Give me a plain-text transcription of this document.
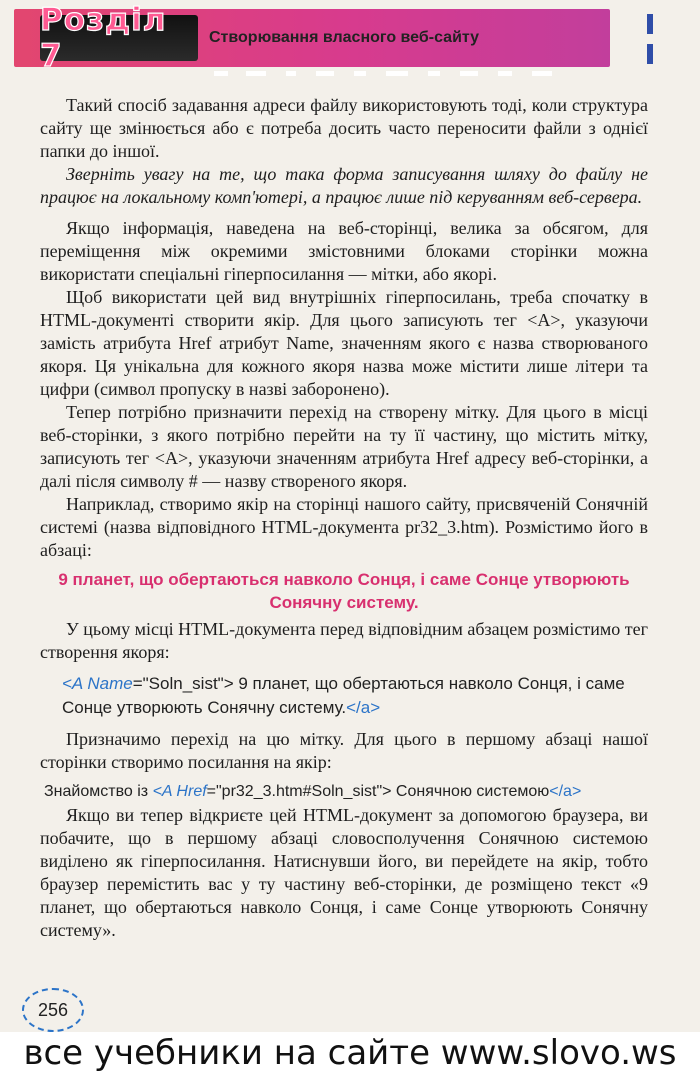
Розділ 7
Створювання власного веб-сайту

Такий спосіб задавання адреси файлу використовують тоді, коли структура сайту ще змінюється або є потреба досить часто переносити файли з однієї папки до іншої.

Зверніть увагу на те, що така форма записування шляху до файлу не працює на локальному комп'ютері, а працює лише під керуванням веб-сервера.

Якщо інформація, наведена на веб-сторінці, велика за обсягом, для переміщення між окремими змістовними блоками сторінки можна використати спеціальні гіперпосилання — мітки, або якорі.

Щоб використати цей вид внутрішніх гіперпосилань, треба спочатку в HTML-документі створити якір. Для цього записують тег <A>, указуючи замість атрибута Href атрибут Name, значенням якого є назва створюваного якоря. Ця унікальна для кожного якоря назва може містити лише літери та цифри (символ пропуску в назві заборонено).

Тепер потрібно призначити перехід на створену мітку. Для цього в місці веб-сторінки, з якого потрібно перейти на ту її частину, що містить мітку, записують тег <A>, указуючи значенням атрибута Href адресу веб-сторінки, а далі після символу # — назву створеного якоря.

Наприклад, створимо якір на сторінці нашого сайту, присвяченій Сонячній системі (назва відповідного HTML-документа pr32_3.htm). Розмістимо його в абзаці:

9 планет, що обертаються навколо Сонця, і саме Сонце утворюють Сонячну систему.

У цьому місці HTML-документа перед відповідним абзацем розмістимо тег створення якоря:

<A Name="Soln_sist"> 9 планет, що обертаються навколо Сонця, і саме Сонце утворюють Сонячну систему.</a>

Призначимо перехід на цю мітку. Для цього в першому абзаці нашої сторінки створимо посилання на якір:

Знайомство із <A Href="pr32_3.htm#Soln_sist"> Сонячною системою</a>

Якщо ви тепер відкриєте цей HTML-документ за допомогою браузера, ви побачите, що в першому абзаці словосполучення Сонячною системою виділено як гіперпосилання. Натиснувши його, ви перейдете на якір, тобто браузер перемістить вас у ту частину веб-сторінки, де розміщено текст «9 планет, що обертаються навколо Сонця, і саме Сонце утворюють Сонячну систему».

256
все учебники на сайте www.slovo.ws
